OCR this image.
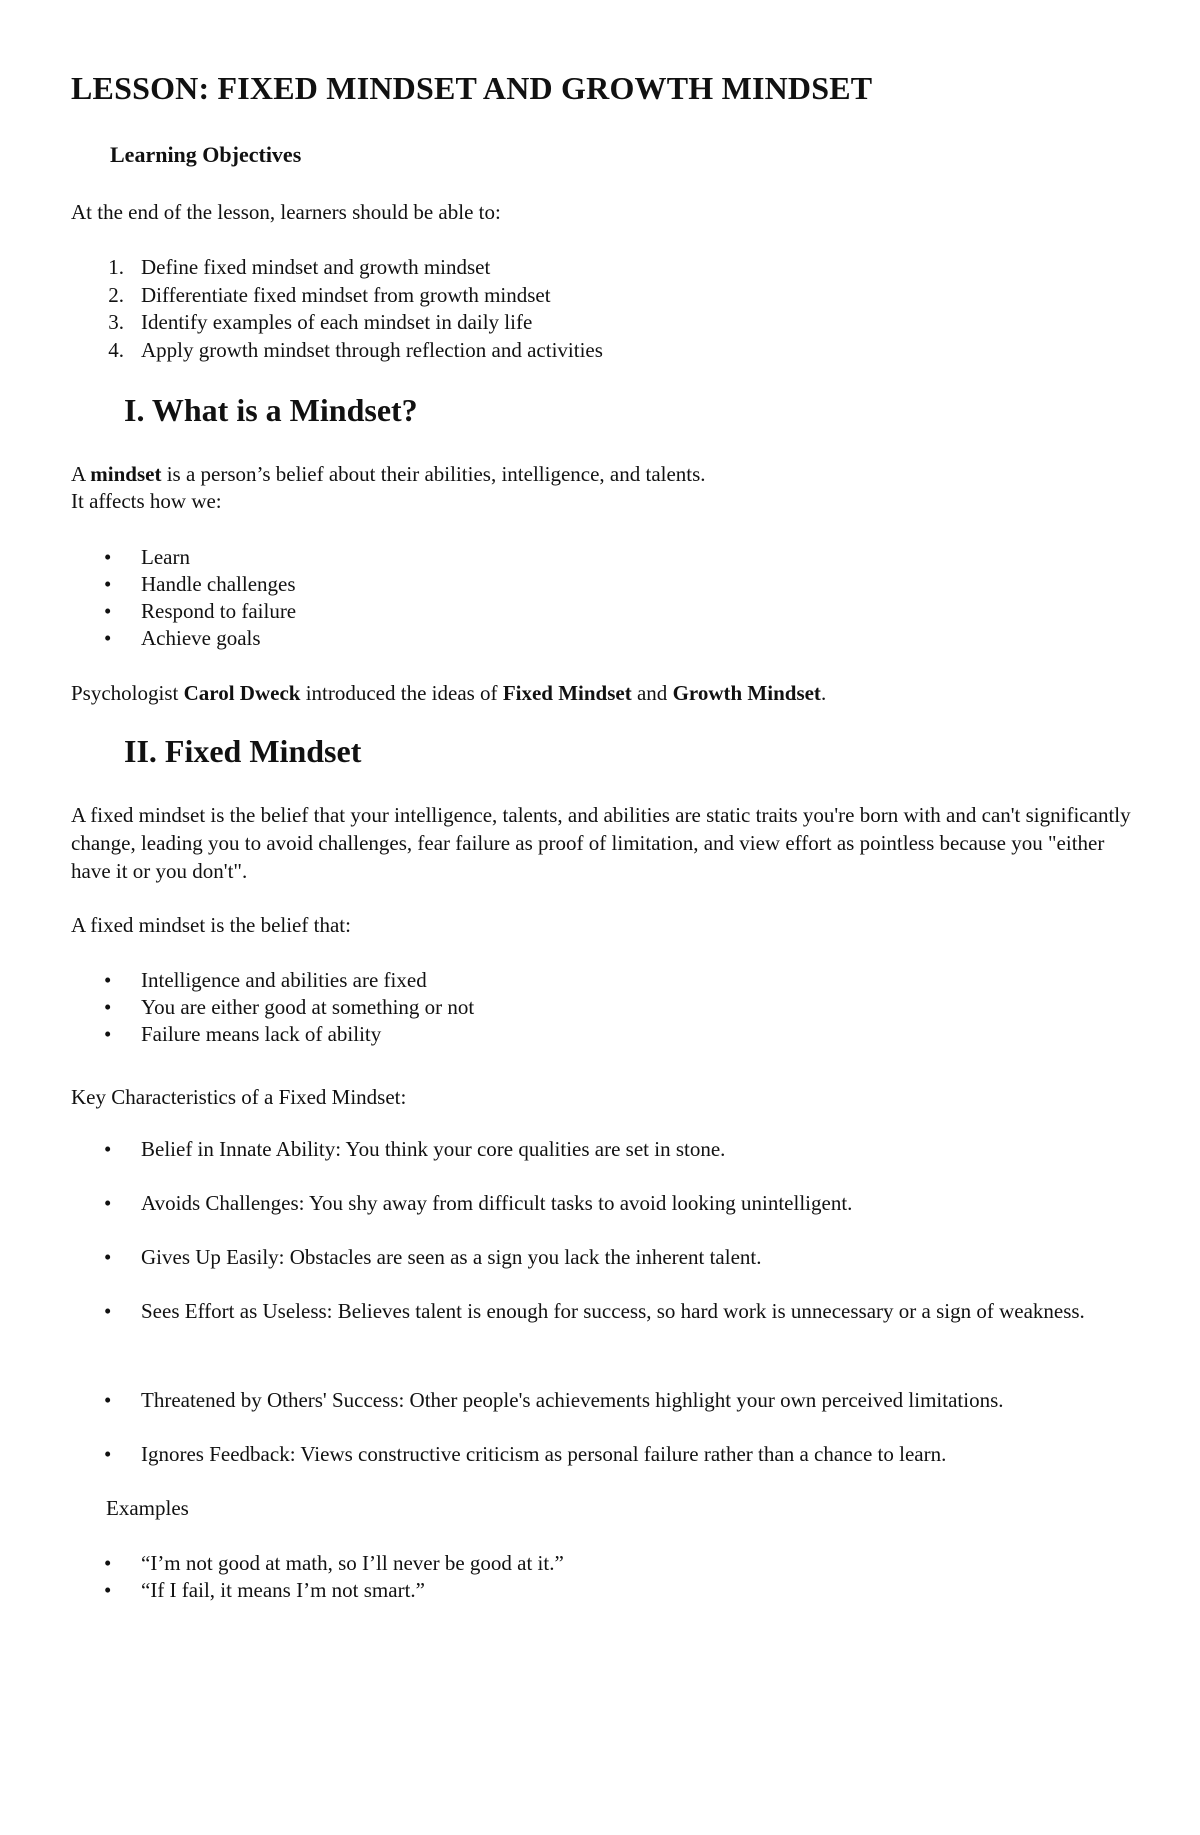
LESSON: FIXED MINDSET AND GROWTH MINDSET
Learning Objectives
At the end of the lesson, learners should be able to:
1. Define fixed mindset and growth mindset
2. Differentiate fixed mindset from growth mindset
3. Identify examples of each mindset in daily life
4. Apply growth mindset through reflection and activities
I. What is a Mindset?
A mindset is a person’s belief about their abilities, intelligence, and talents.
It affects how we:
• Learn
• Handle challenges
• Respond to failure
• Achieve goals
Psychologist Carol Dweck introduced the ideas of Fixed Mindset and Growth Mindset.
II. Fixed Mindset
A fixed mindset is the belief that your intelligence, talents, and abilities are static traits you're born with and can't significantly change, leading you to avoid challenges, fear failure as proof of limitation, and view effort as pointless because you "either have it or you don't".
A fixed mindset is the belief that:
• Intelligence and abilities are fixed
• You are either good at something or not
• Failure means lack of ability
Key Characteristics of a Fixed Mindset:
• Belief in Innate Ability: You think your core qualities are set in stone.
• Avoids Challenges: You shy away from difficult tasks to avoid looking unintelligent.
• Gives Up Easily: Obstacles are seen as a sign you lack the inherent talent.
• Sees Effort as Useless: Believes talent is enough for success, so hard work is unnecessary or a sign of weakness.
• Threatened by Others' Success: Other people's achievements highlight your own perceived limitations.
• Ignores Feedback: Views constructive criticism as personal failure rather than a chance to learn.
Examples
• “I’m not good at math, so I’ll never be good at it.”
• “If I fail, it means I’m not smart.”
